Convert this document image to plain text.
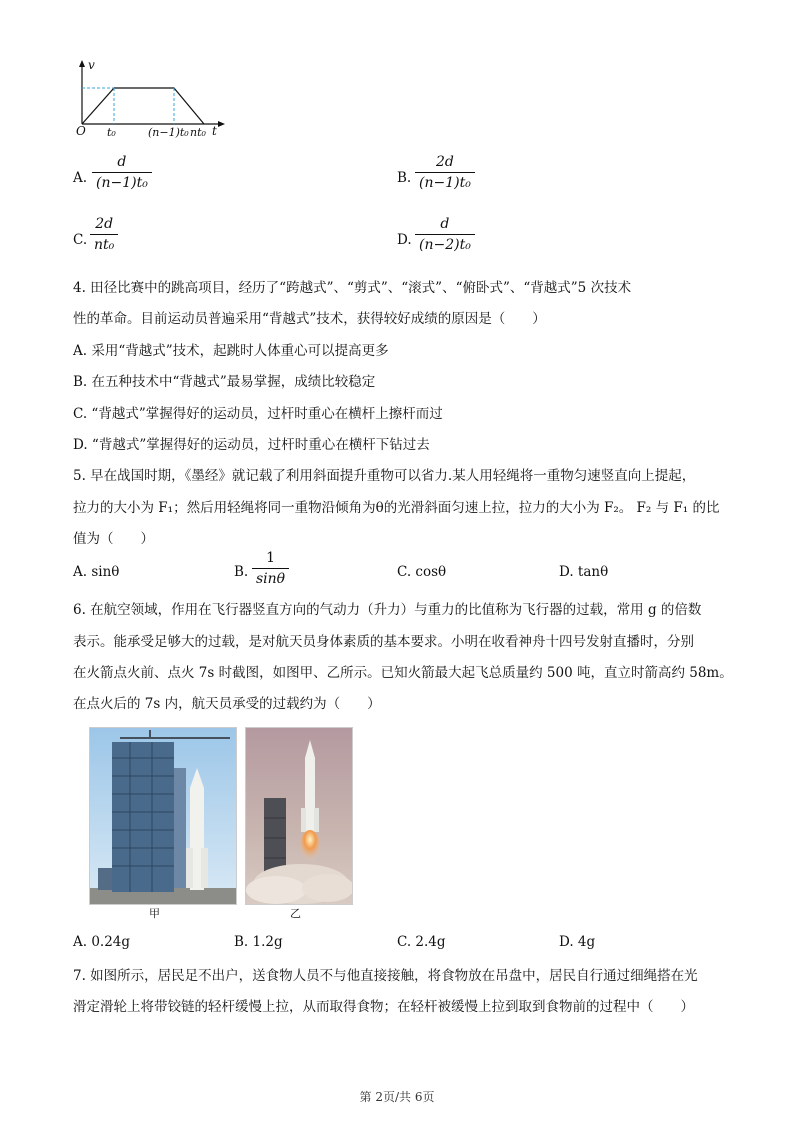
v
O t₀	(n−1)t₀ nt₀ t
A.
d
(n−1)t₀	B.
2d
(n−1)t₀
C.
2d
nt₀	D.
d
(n−2)t₀
4. 田径比赛中的跳高项目，经历了“跨越式”、“剪式”、“滚式”、“俯卧式”、“背越式”5 次技术
性的革命。目前运动员普遍采用“背越式”技术，获得较好成绩的原因是（　　）
A. 采用“背越式”技术，起跳时人体重心可以提高更多
B. 在五种技术中“背越式”最易掌握，成绩比较稳定
C. “背越式”掌握得好的运动员，过杆时重心在横杆上擦杆而过
D. “背越式”掌握得好的运动员，过杆时重心在横杆下钻过去
5. 早在战国时期，《墨经》就记载了利用斜面提升重物可以省力.某人用轻绳将一重物匀速竖直向上提起，
拉力的大小为 F₁；然后用轻绳将同一重物沿倾角为θ的光滑斜面匀速上拉，拉力的大小为 F₂。 F₂ 与 F₁ 的比
值为（　　）
A. sinθ	B.
1
sinθ	C. cosθ	D. tanθ
6. 在航空领域，作用在飞行器竖直方向的气动力（升力）与重力的比值称为飞行器的过载，常用 g 的倍数
表示。能承受足够大的过载，是对航天员身体素质的基本要求。小明在收看神舟十四号发射直播时，分别
在火箭点火前、点火 7s 时截图，如图甲、乙所示。已知火箭最大起飞总质量约 500 吨，直立时箭高约 58m。
在点火后的 7s 内，航天员承受的过载约为（　　）
甲	乙
A. 0.24g	B. 1.2g	C. 2.4g	D. 4g
7. 如图所示，居民足不出户，送食物人员不与他直接接触，将食物放在吊盘中，居民自行通过细绳搭在光
滑定滑轮上将带铰链的轻杆缓慢上拉，从而取得食物；在轻杆被缓慢上拉到取到食物前的过程中（　　）
第 2页/共 6页
